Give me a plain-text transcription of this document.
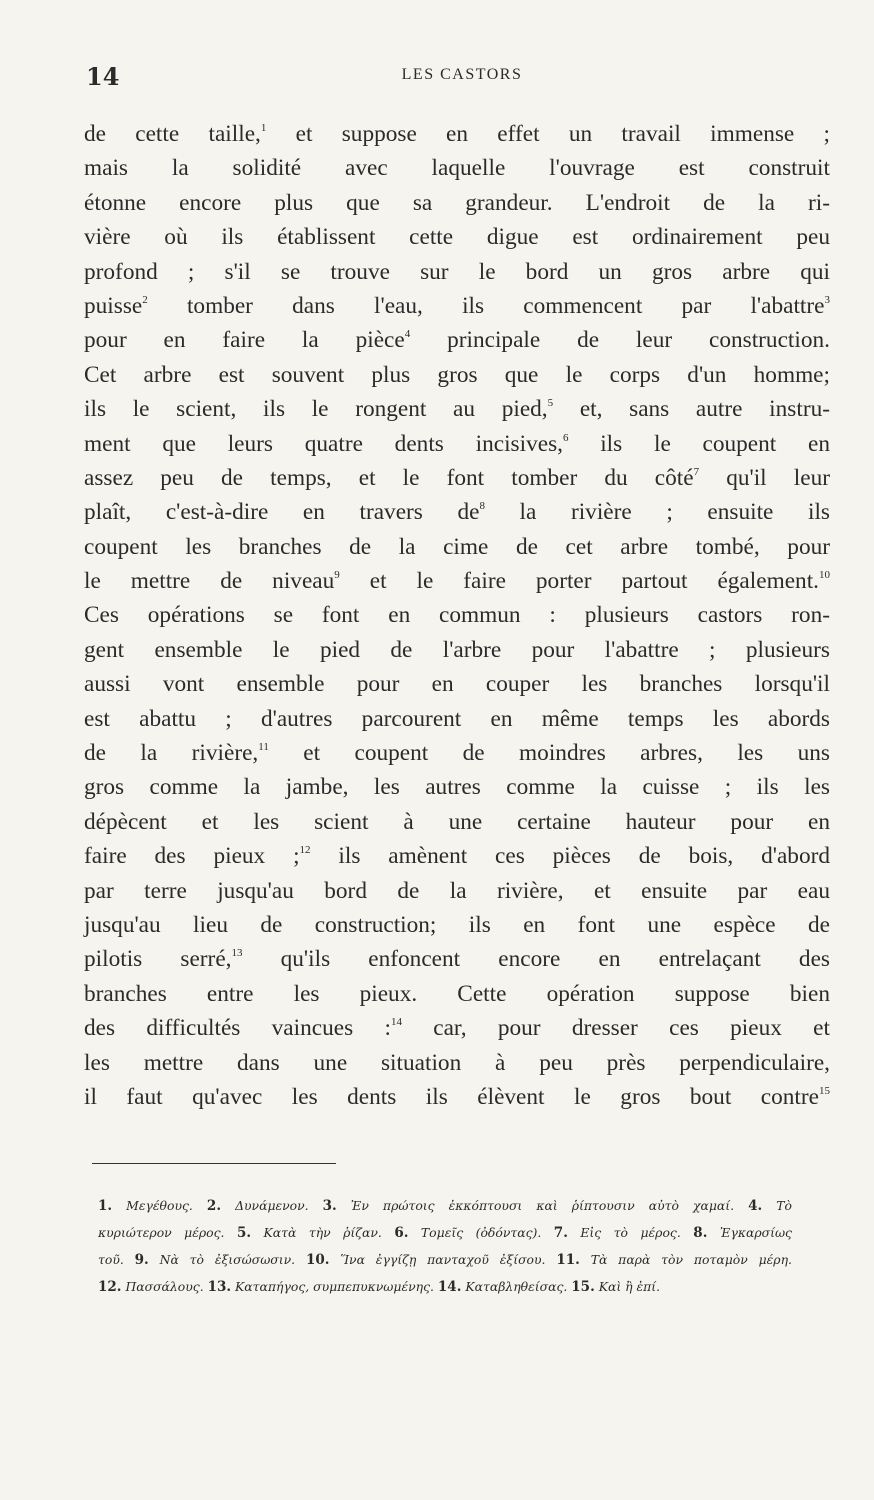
14	LES CASTORS
de cette taille,$^1$ et suppose en effet un travail immense ;
mais la solidité avec laquelle l'ouvrage est construit
étonne encore plus que sa grandeur. L'endroit de la ri-
vière où ils établissent cette digue est ordinairement peu
profond ; s'il se trouve sur le bord un gros arbre qui
puisse$^2$ tomber dans l'eau, ils commencent par l'abattre$^3$
pour en faire la pièce$^4$ principale de leur construction.
Cet arbre est souvent plus gros que le corps d'un homme;
ils le scient, ils le rongent au pied,$^5$ et, sans autre instru-
ment que leurs quatre dents incisives,$^6$ ils le coupent en
assez peu de temps, et le font tomber du côté$^7$ qu'il leur
plaît, c'est-à-dire en travers $de^8$ la rivière ; ensuite ils
coupent les branches de la cime de cet arbre tombé, pour
le mettre de niveau$^9$ et le faire porter partout également.$^{10}$
Ces opérations se font en commun : plusieurs castors ron-
gent ensemble le pied de l'arbre pour l'abattre ; plusieurs
aussi vont ensemble pour en couper les branches lorsqu'il
est abattu ; d'autres parcourent en même temps les abords
de la rivière,$^{11}$ et coupent de moindres arbres, les uns
gros comme la jambe, les autres comme la cuisse ; ils les
dépècent et les scient à une certaine hauteur pour en
faire des pieux ;$^{12}$ ils amènent ces pièces de bois, d'abord
par terre jusqu'au bord de la rivière, et ensuite par eau
jusqu'au lieu de construction; ils en font une espèce de
pilotis serré,$^{13}$ qu'ils enfoncent encore en entrelaçant des
branches entre les pieux. Cette opération suppose bien
des difficultés vaincues :$^{14}$ car, pour dresser ces pieux et
les mettre dans une situation à peu près perpendiculaire,
il faut qu'avec les dents ils élèvent le gros bout contre$^{15}$
1. Μεγέθους. 2. Δυνάμενον. 3. Ἐν πρώτοις ἐκκόπτουσι καὶ ῥίπτουσιν αὐτὸ χαμαί. 4. Τὸ
κυριώτερον μέρος. 5. Κατὰ τὴν ῥίζαν. 6. Τομεῖς (ὀδόντας). 7. Εἰς τὸ μέρος. 8. Ἐγκαρσίως
τοῦ. 9. Νὰ τὸ ἐξισώσωσιν. 10. Ἵνα ἐγγίζῃ πανταχοῦ ἐξίσου. 11. Τὰ παρὰ τὸν ποταμὸν μέρη.
12. Πασσάλους. 13. Καταπήγος, συμπεπυκνωμένης. 14. Καταβληθείσας. 15. Καὶ ἢ ἐπί.
